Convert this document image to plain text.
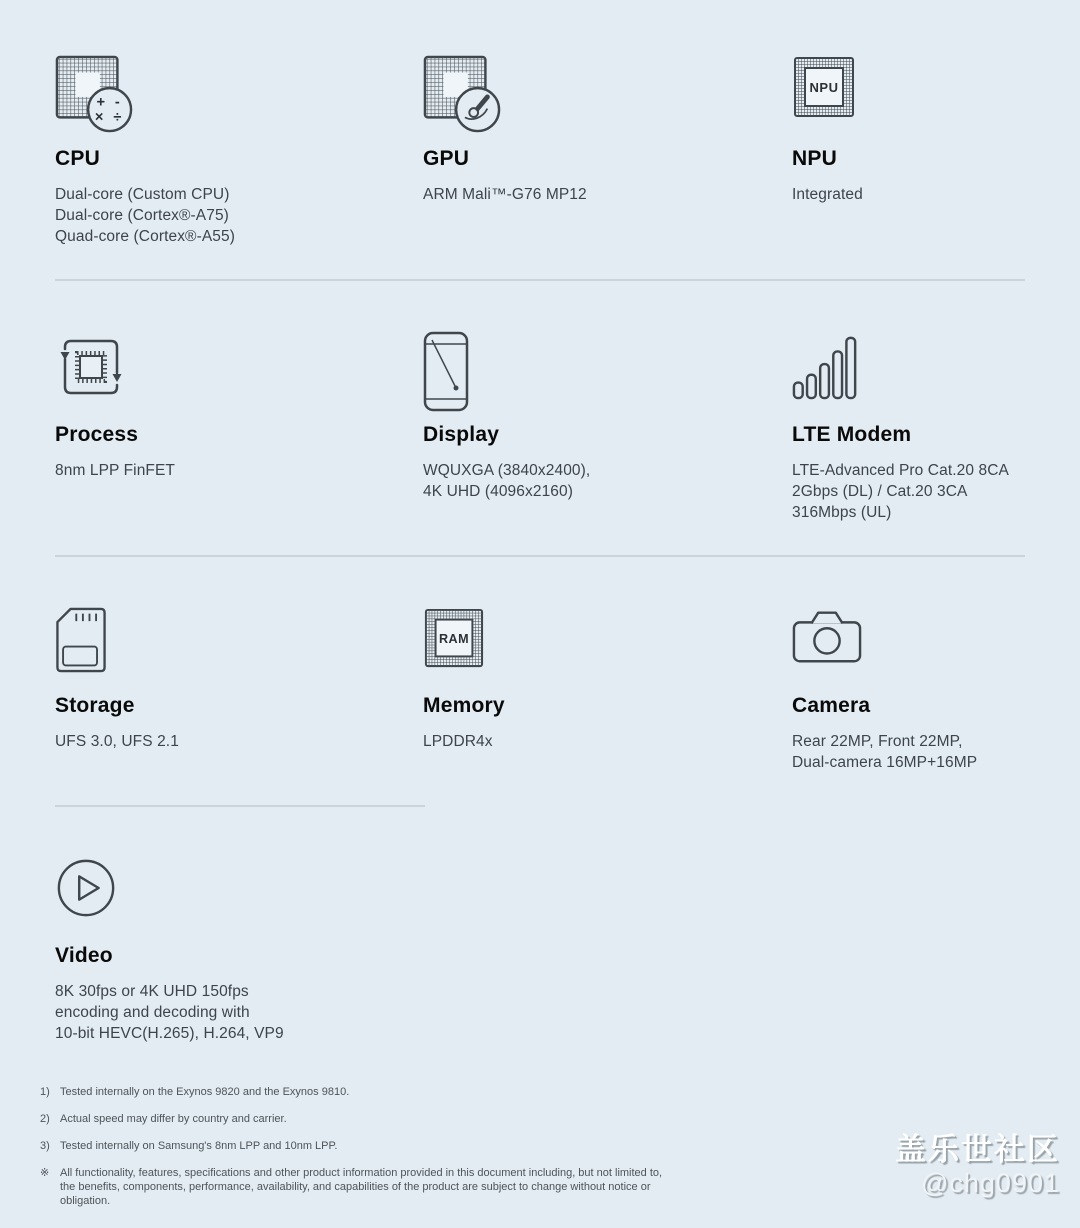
+ -
× ÷
CPU
Dual-core (Custom CPU)
Dual-core (Cortex®-A75)
Quad-core (Cortex®-A55)
GPU
ARM Mali™-G76 MP12
NPU
NPU
Integrated
Process
8nm LPP FinFET
Display
WQUXGA (3840x2400),
4K UHD (4096x2160)
LTE Modem
LTE-Advanced Pro Cat.20 8CA
2Gbps (DL) / Cat.20 3CA
316Mbps (UL)
Storage
UFS 3.0, UFS 2.1
RAM
Memory
LPDDR4x
Camera
Rear 22MP, Front 22MP,
Dual-camera 16MP+16MP
Video
8K 30fps or 4K UHD 150fps
encoding and decoding with
10-bit HEVC(H.265), H.264, VP9
1) Tested internally on the Exynos 9820 and the Exynos 9810.
2) Actual speed may differ by country and carrier.
3) Tested internally on Samsung's 8nm LPP and 10nm LPP.
※ All functionality, features, specifications and other product information provided in this document including, but not limited to, the benefits, components, performance, availability, and capabilities of the product are subject to change without notice or obligation.
盖乐世社区
@chg0901
